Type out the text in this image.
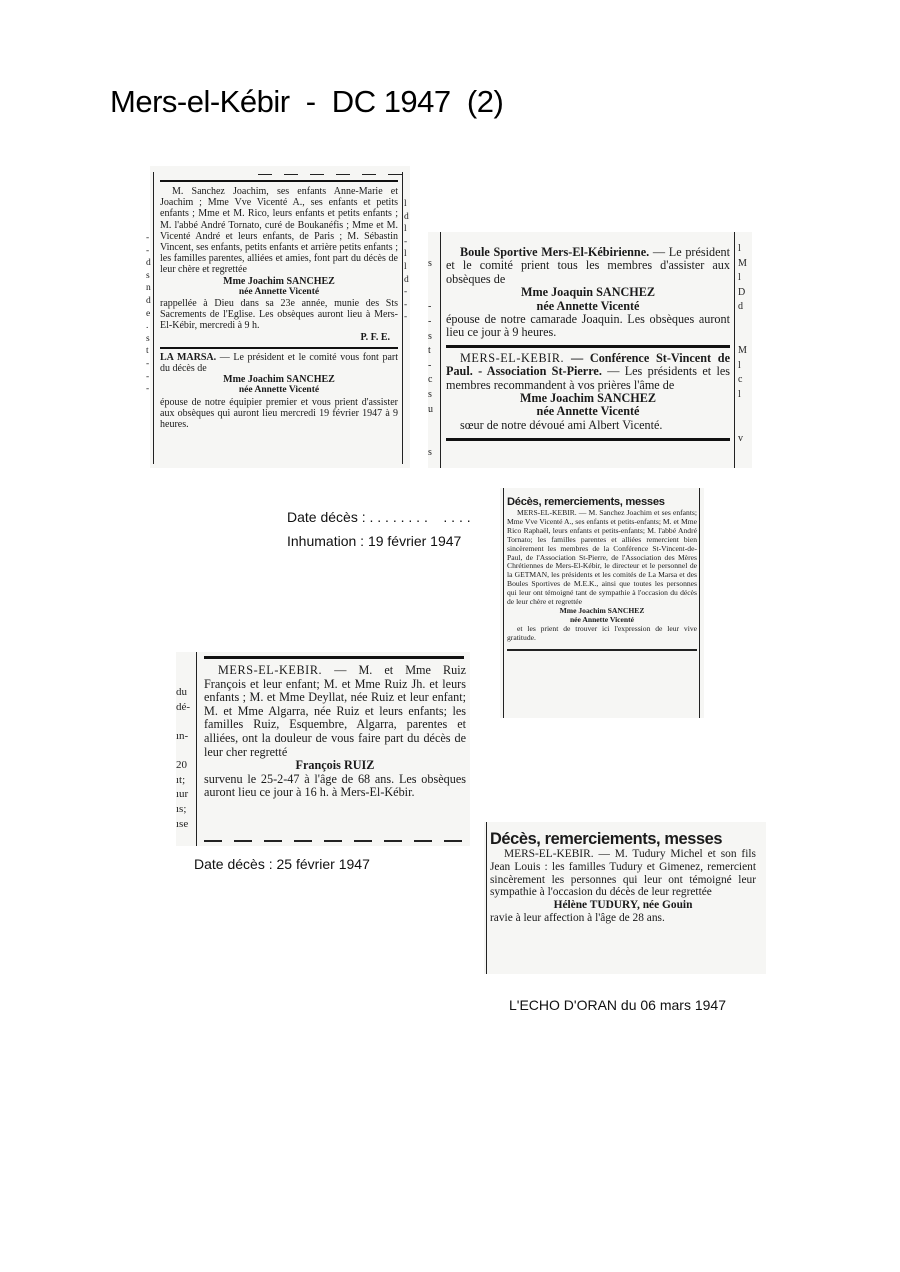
Mers-el-Kébir  -  DC 1947  (2)
-
-
d
s
n
d
e
.
s
t
-
-
-
l
d
l
-
l
l
d
-
-
-

M. Sanchez Joachim, ses enfants Anne-Marie et Joachim ; Mme Vve Vicenté A., ses enfants et petits enfants ; Mme et M. Rico, leurs enfants et petits enfants ; M. l'abbé André Tornato, curé de Boukanéfis ; Mme et M. Vicenté André et leurs enfants, de Paris ; M. Sébastin Vincent, ses enfants, petits enfants et arrière petits enfants ; les familles parentes, alliées et amies, font part du décès de leur chère et regrettée

Mme Joachim SANCHEZ

née Annette Vicenté

rappellée à Dieu dans sa 23e année, munie des Sts Sacrements de l'Eglise. Les obsèques auront lieu à Mers-El-Kébir, mercredi à 9 h.

P. F. E.

LA MARSA. — Le président et le comité vous font part du décès de

Mme Joachim SANCHEZ

née Annette Vicenté

épouse de notre équipier premier et vous prient d'assister aux obsèques qui auront lieu mercredi 19 février 1947 à 9 heures.

s

-
-
s
t
-
c
s
u

s
l
M
l
D
d

M
l
c
l

v

Boule Sportive Mers-El-Kébirienne. — Le président et le comité prient tous les membres d'assister aux obsèques de

Mme Joaquin SANCHEZ

née Annette Vicenté

épouse de notre camarade Joaquin. Les obsèques auront lieu ce jour à 9 heures.

MERS-EL-KEBIR. — Conférence St-Vincent de Paul. - Association St-Pierre. — Les présidents et les membres recommandent à vos prières l'âme de

Mme Joachim SANCHEZ

née Annette Vicenté

sœur de notre dévoué ami Albert Vicenté.

Décès, remerciements, messes

MERS-EL-KEBIR. — M. Sanchez Joachim et ses enfants; Mme Vve Vicenté A., ses enfants et petits-enfants; M. et Mme Rico Raphaël, leurs enfants et petits-enfants; M. l'abbé André Tornato; les familles parentes et alliées remercient bien sincèrement les membres de la Conférence St-Vincent-de-Paul, de l'Association St-Pierre, de l'Association des Mères Chrétiennes de Mers-El-Kébir, le directeur et le personnel de la GETMAN, les présidents et les comités de La Marsa et des Boules Sportives de M.E.K., ainsi que toutes les personnes qui leur ont témoigné tant de sympathie à l'occasion du décès de leur chère et regrettée

Mme Joachim SANCHEZ

née Annette Vicenté

et les prient de trouver ici l'expression de leur vive gratitude.

Date décès : . . . . . . . .    . . . .
Inhumation : 19 février 1947

du
dé-

ın-

20
ıt;
ıur
ıs;
ıse

MERS-EL-KEBIR. — M. et Mme Ruiz François et leur enfant; M. et Mme Ruiz Jh. et leurs enfants ; M. et Mme Deyllat, née Ruiz et leur enfant; M. et Mme Algarra, née Ruiz et leurs enfants; les familles Ruiz, Esquembre, Algarra, parentes et alliées, ont la douleur de vous faire part du décès de leur cher regretté

François RUIZ

survenu le 25-2-47 à l'âge de 68 ans. Les obsèques auront lieu ce jour à 16 h. à Mers-El-Kébir.

Date décès : 25 février 1947

Décès, remerciements, messes

MERS-EL-KEBIR. — M. Tudury Michel et son fils Jean Louis : les familles Tudury et Gimenez, remercient sincèrement les personnes qui leur ont témoigné leur sympathie à l'occasion du décès de leur regrettée

Hélène TUDURY, née Gouin

ravie à leur affection à l'âge de 28 ans.

L'ECHO D'ORAN du 06 mars 1947
